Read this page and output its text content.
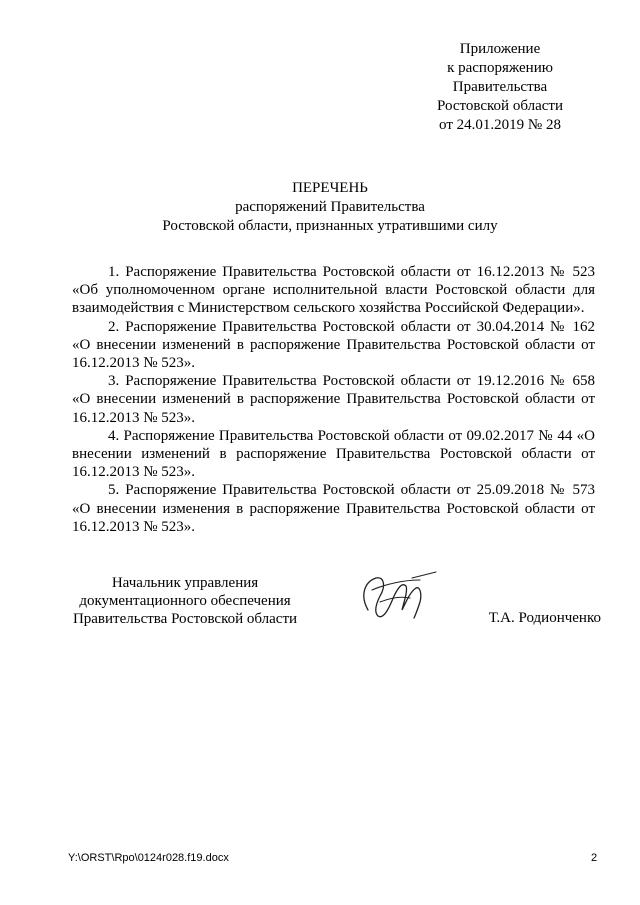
Приложение
к распоряжению
Правительства
Ростовской области
от 24.01.2019 № 28
ПЕРЕЧЕНЬ
распоряжений Правительства
Ростовской области, признанных утратившими силу

1. Распоряжение Правительства Ростовской области от 16.12.2013 № 523 «Об уполномоченном органе исполнительной власти Ростовской области для взаимодействия с Министерством сельского хозяйства Российской Федерации».

2. Распоряжение Правительства Ростовской области от 30.04.2014 № 162 «О внесении изменений в распоряжение Правительства Ростовской области от 16.12.2013 № 523».

3. Распоряжение Правительства Ростовской области от 19.12.2016 № 658 «О внесении изменений в распоряжение Правительства Ростовской области от 16.12.2013 № 523».

4. Распоряжение Правительства Ростовской области от 09.02.2017 № 44 «О внесении изменений в распоряжение Правительства Ростовской области от 16.12.2013 № 523».

5. Распоряжение Правительства Ростовской области от 25.09.2018 № 573 «О внесении изменения в распоряжение Правительства Ростовской области от 16.12.2013 № 523».

Начальник управления
документационного обеспечения
Правительства Ростовской области	Т.А. Родионченко
Y:\ORST\Rpo\0124r028.f19.docx	2
